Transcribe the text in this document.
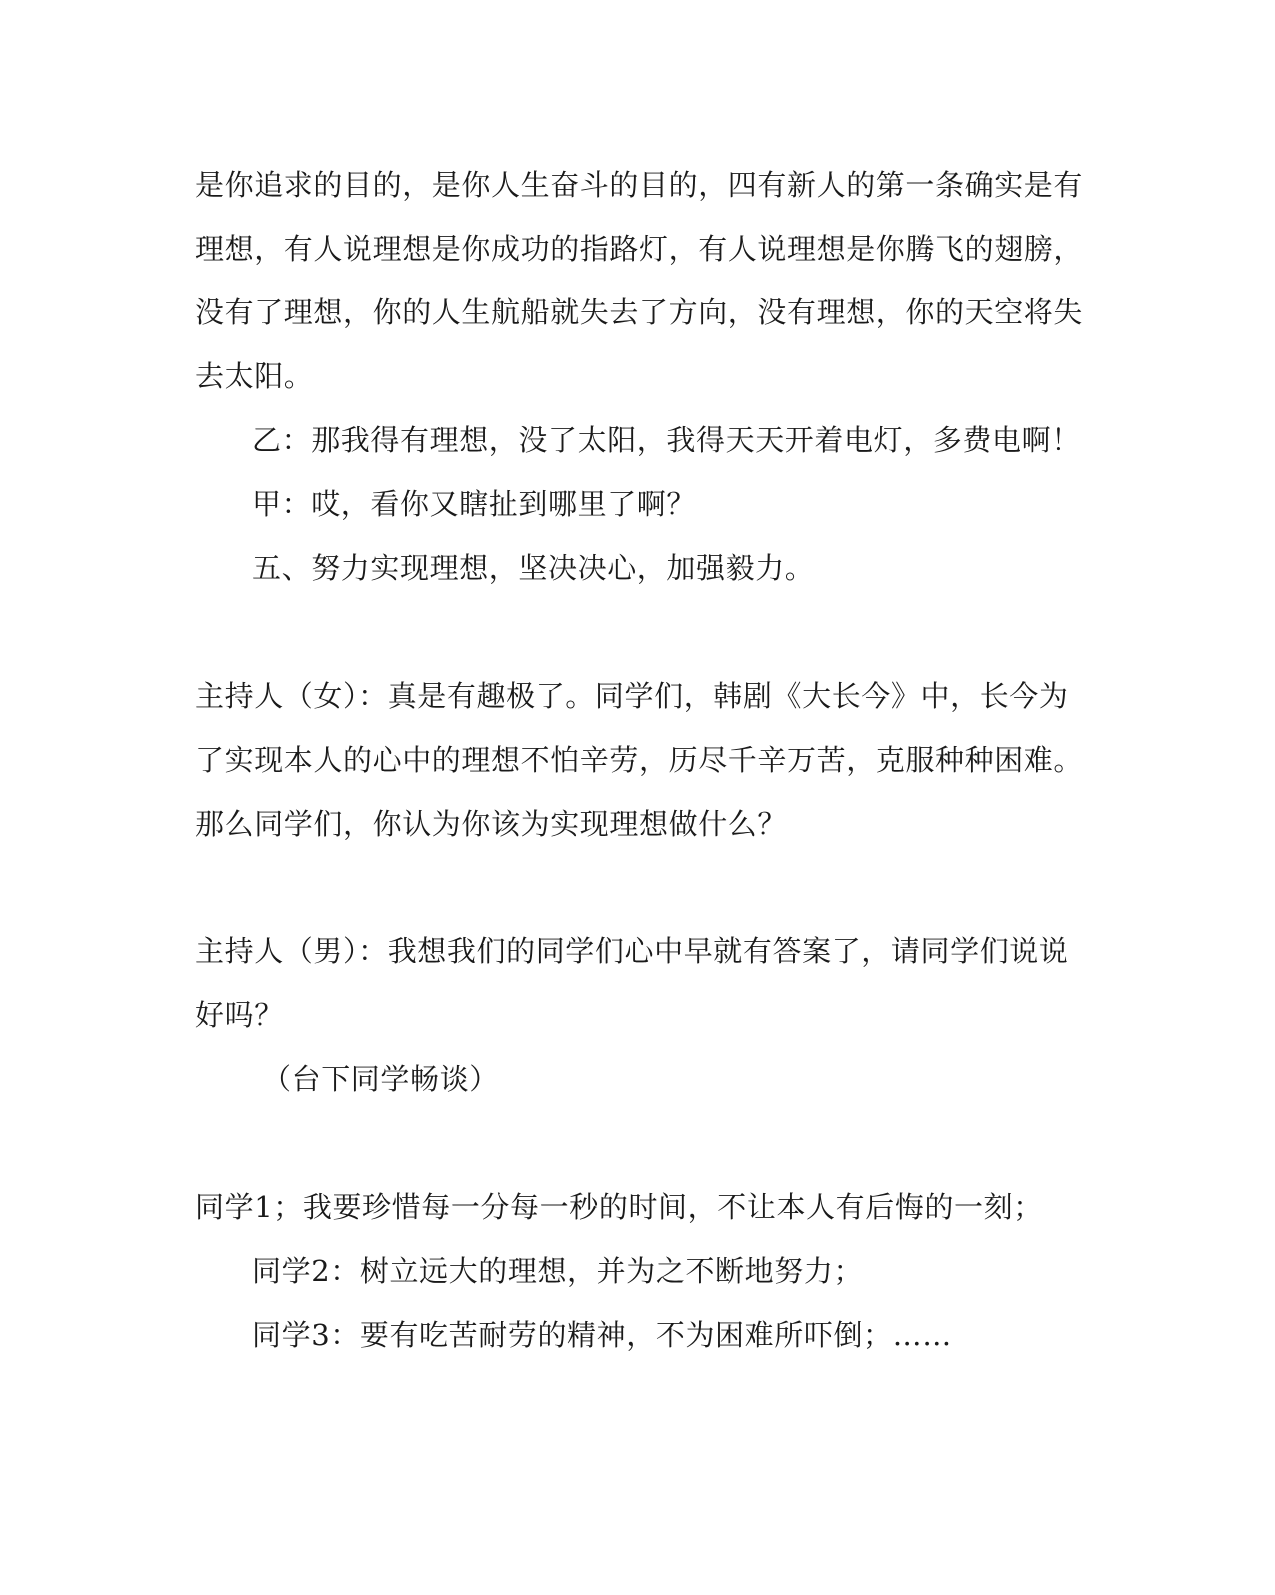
是你追求的目的，是你人生奋斗的目的，四有新人的第一条确实是有
理想，有人说理想是你成功的指路灯，有人说理想是你腾飞的翅膀，
没有了理想，你的人生航船就失去了方向，没有理想，你的天空将失
去太阳。
乙：那我得有理想，没了太阳，我得天天开着电灯，多费电啊！
甲：哎，看你又瞎扯到哪里了啊？
五、努力实现理想，坚决决心，加强毅力。
主持人（女）：真是有趣极了。同学们，韩剧《大长今》中，长今为
了实现本人的心中的理想不怕辛劳，历尽千辛万苦，克服种种困难。
那么同学们，你认为你该为实现理想做什么？
主持人（男）：我想我们的同学们心中早就有答案了，请同学们说说
好吗？
（台下同学畅谈）
同学1；我要珍惜每一分每一秒的时间，不让本人有后悔的一刻；
同学2：树立远大的理想，并为之不断地努力；
同学3：要有吃苦耐劳的精神，不为困难所吓倒；……
